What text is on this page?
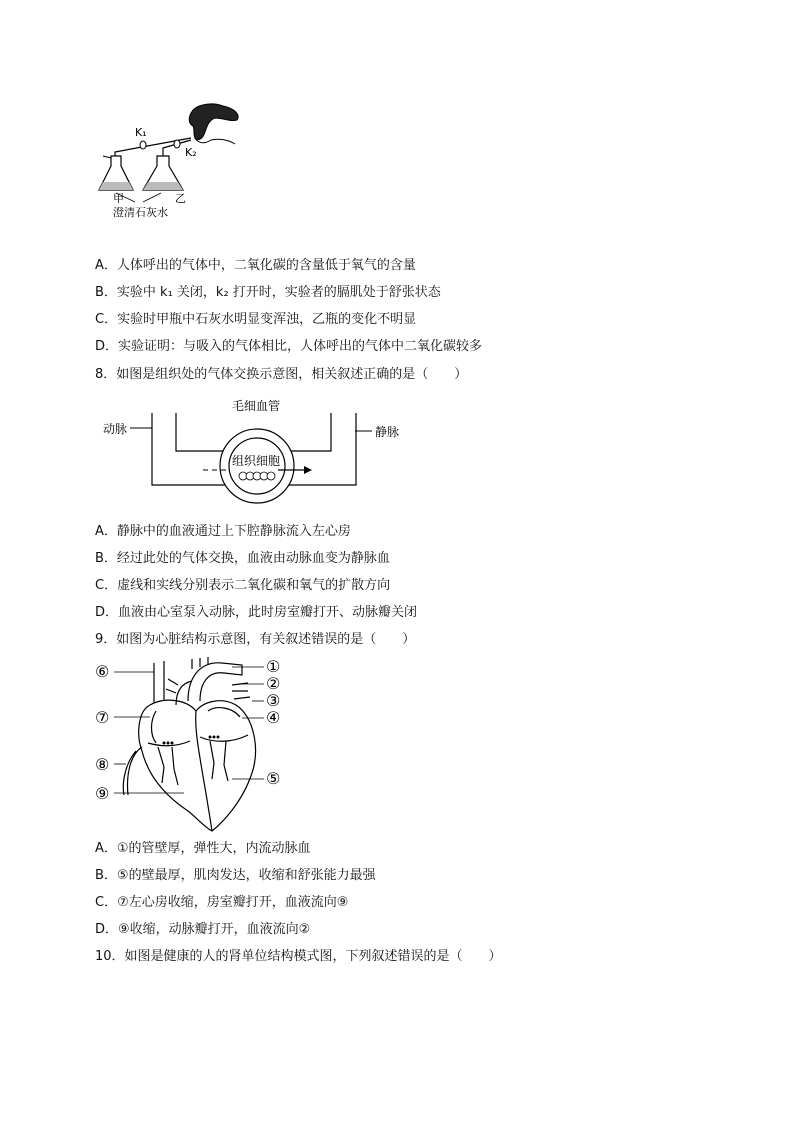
K₁
K₂
甲	乙
澄清石灰水
A．人体呼出的气体中，二氧化碳的含量低于氧气的含量
B．实验中 k₁ 关闭，k₂ 打开时，实验者的膈肌处于舒张状态
C．实验时甲瓶中石灰水明显变浑浊，乙瓶的变化不明显
D．实验证明：与吸入的气体相比，人体呼出的气体中二氧化碳较多
8．如图是组织处的气体交换示意图，相关叙述正确的是（　　）
毛细血管
动脉	静脉
组织细胞
A．静脉中的血液通过上下腔静脉流入左心房
B．经过此处的气体交换，血液由动脉血变为静脉血
C．虚线和实线分别表示二氧化碳和氧气的扩散方向
D．血液由心室泵入动脉，此时房室瓣打开、动脉瓣关闭
9．如图为心脏结构示意图，有关叙述错误的是（　　）
⑥
⑦
⑧
⑨
①
②
③
④
⑤
A．①的管壁厚，弹性大，内流动脉血
B．⑤的壁最厚，肌肉发达，收缩和舒张能力最强
C．⑦左心房收缩，房室瓣打开，血液流向⑨
D．⑨收缩，动脉瓣打开，血液流向②
10．如图是健康的人的肾单位结构模式图，下列叙述错误的是（　　）
